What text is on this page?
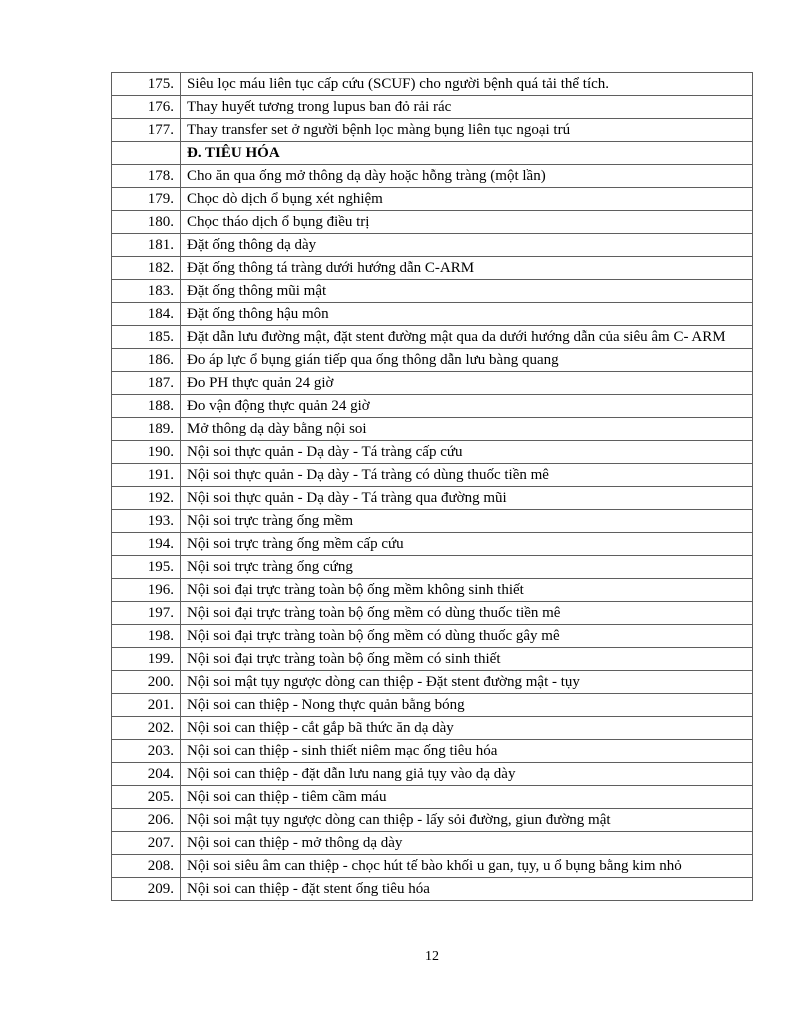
175.	Siêu lọc máu liên tục cấp cứu (SCUF) cho người bệnh quá tải thể tích.
176.	Thay huyết tương trong lupus ban đỏ rải rác
177.	Thay transfer set ở người bệnh lọc màng bụng liên tục ngoại trú
	Đ. TIÊU HÓA
178.	Cho ăn qua ống mở thông dạ dày hoặc hỗng tràng (một lần)
179.	Chọc dò dịch ổ bụng xét nghiệm
180.	Chọc tháo dịch ổ bụng điều trị
181.	Đặt ống thông dạ dày
182.	Đặt ống thông tá tràng dưới hướng dẫn C-ARM
183.	Đặt ống thông mũi mật
184.	Đặt ống thông hậu môn
185.	Đặt dẫn lưu đường mật, đặt stent đường mật qua da dưới hướng dẫn của siêu âm C- ARM
186.	Đo áp lực ổ bụng gián tiếp qua ống thông dẫn lưu bàng quang
187.	Đo PH thực quản 24 giờ
188.	Đo vận động thực quản 24 giờ
189.	Mở thông dạ dày bằng nội soi
190.	Nội soi thực quản - Dạ dày - Tá tràng cấp cứu
191.	Nội soi thực quản - Dạ dày - Tá tràng có dùng thuốc tiền mê
192.	Nội soi thực quản - Dạ dày - Tá tràng qua đường mũi
193.	Nội soi trực tràng ống mềm
194.	Nội soi trực tràng ống mềm cấp cứu
195.	Nội soi trực tràng ống cứng
196.	Nội soi đại trực tràng toàn bộ ống mềm không sinh thiết
197.	Nội soi đại trực tràng toàn bộ ống mềm có dùng thuốc tiền mê
198.	Nội soi đại trực tràng toàn bộ ống mềm có dùng thuốc gây mê
199.	Nội soi đại trực tràng toàn bộ ống mềm có sinh thiết
200.	Nội soi mật tụy ngược dòng can thiệp - Đặt stent đường mật - tụy
201.	Nội soi can thiệp - Nong thực quản bằng bóng
202.	Nội soi can thiệp - cắt gắp bã thức ăn dạ dày
203.	Nội soi can thiệp - sinh thiết niêm mạc ống tiêu hóa
204.	Nội soi can thiệp - đặt dẫn lưu nang giả tụy vào dạ dày
205.	Nội soi can thiệp - tiêm cầm máu
206.	Nội soi mật tụy ngược dòng can thiệp - lấy sỏi đường, giun đường mật
207.	Nội soi can thiệp - mở thông dạ dày
208.	Nội soi siêu âm can thiệp - chọc hút tế bào khối u gan, tụy, u ổ bụng bằng kim nhỏ
209.	Nội soi can thiệp - đặt stent ống tiêu hóa
12
